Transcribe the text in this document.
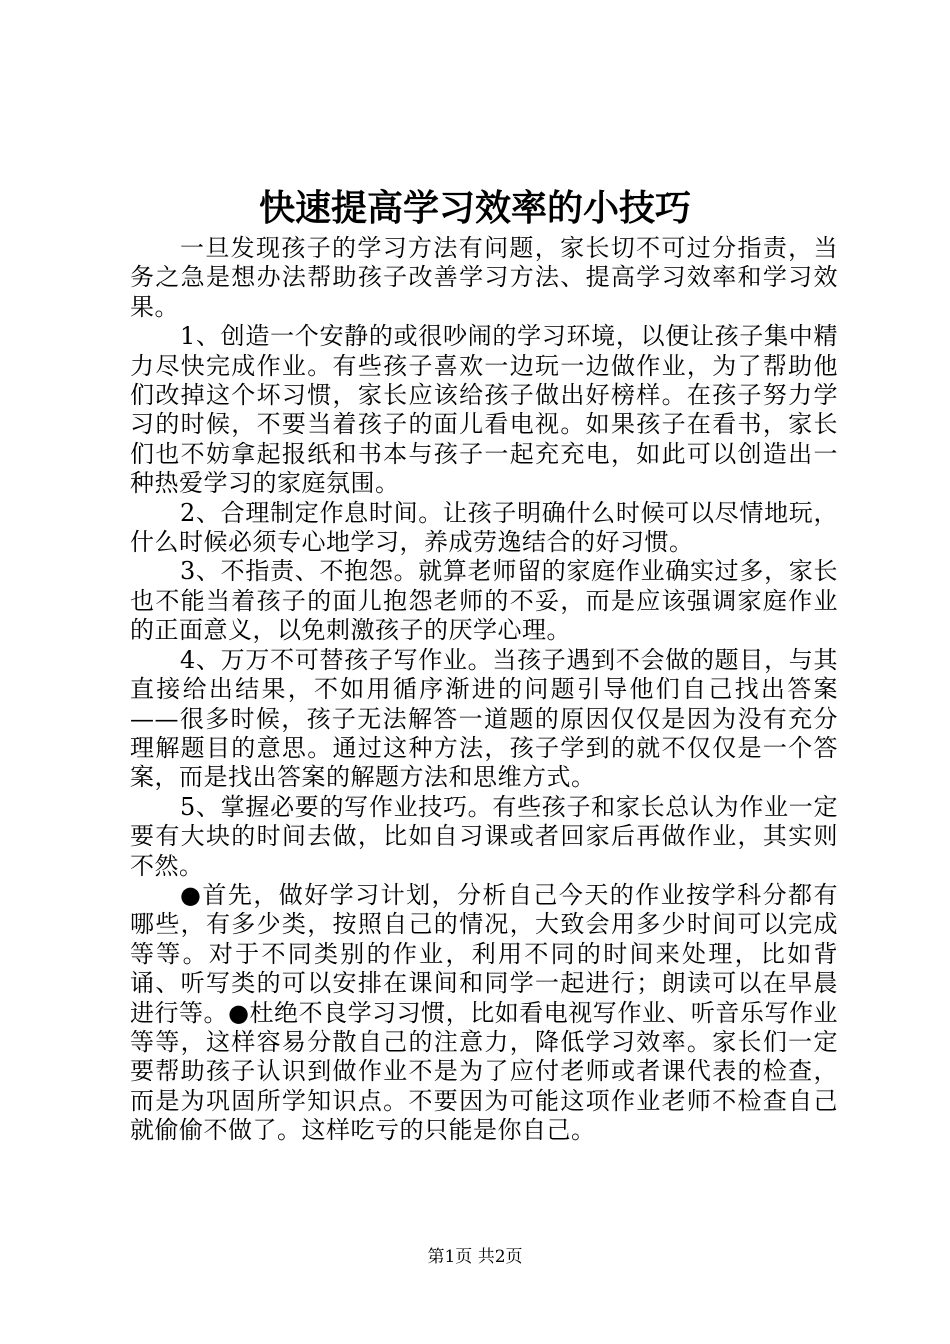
快速提高学习效率的小技巧

一旦发现孩子的学习方法有问题，家长切不可过分指责，当务之急是想办法帮助孩子改善学习方法、提高学习效率和学习效果。

1、创造一个安静的或很吵闹的学习环境，以便让孩子集中精力尽快完成作业。有些孩子喜欢一边玩一边做作业，为了帮助他们改掉这个坏习惯，家长应该给孩子做出好榜样。在孩子努力学习的时候，不要当着孩子的面儿看电视。如果孩子在看书，家长们也不妨拿起报纸和书本与孩子一起充充电，如此可以创造出一种热爱学习的家庭氛围。

2、合理制定作息时间。让孩子明确什么时候可以尽情地玩，什么时候必须专心地学习，养成劳逸结合的好习惯。

3、不指责、不抱怨。就算老师留的家庭作业确实过多，家长也不能当着孩子的面儿抱怨老师的不妥，而是应该强调家庭作业的正面意义，以免刺激孩子的厌学心理。

4、万万不可替孩子写作业。当孩子遇到不会做的题目，与其直接给出结果，不如用循序渐进的问题引导他们自己找出答案——很多时候，孩子无法解答一道题的原因仅仅是因为没有充分理解题目的意思。通过这种方法，孩子学到的就不仅仅是一个答案，而是找出答案的解题方法和思维方式。

5、掌握必要的写作业技巧。有些孩子和家长总认为作业一定要有大块的时间去做，比如自习课或者回家后再做作业，其实则不然。

●首先，做好学习计划，分析自己今天的作业按学科分都有哪些，有多少类，按照自己的情况，大致会用多少时间可以完成等等。对于不同类别的作业，利用不同的时间来处理，比如背诵、听写类的可以安排在课间和同学一起进行；朗读可以在早晨进行等。●杜绝不良学习习惯，比如看电视写作业、听音乐写作业等等，这样容易分散自己的注意力，降低学习效率。家长们一定要帮助孩子认识到做作业不是为了应付老师或者课代表的检查，而是为巩固所学知识点。不要因为可能这项作业老师不检查自己就偷偷不做了。这样吃亏的只能是你自己。

第1页 共2页
